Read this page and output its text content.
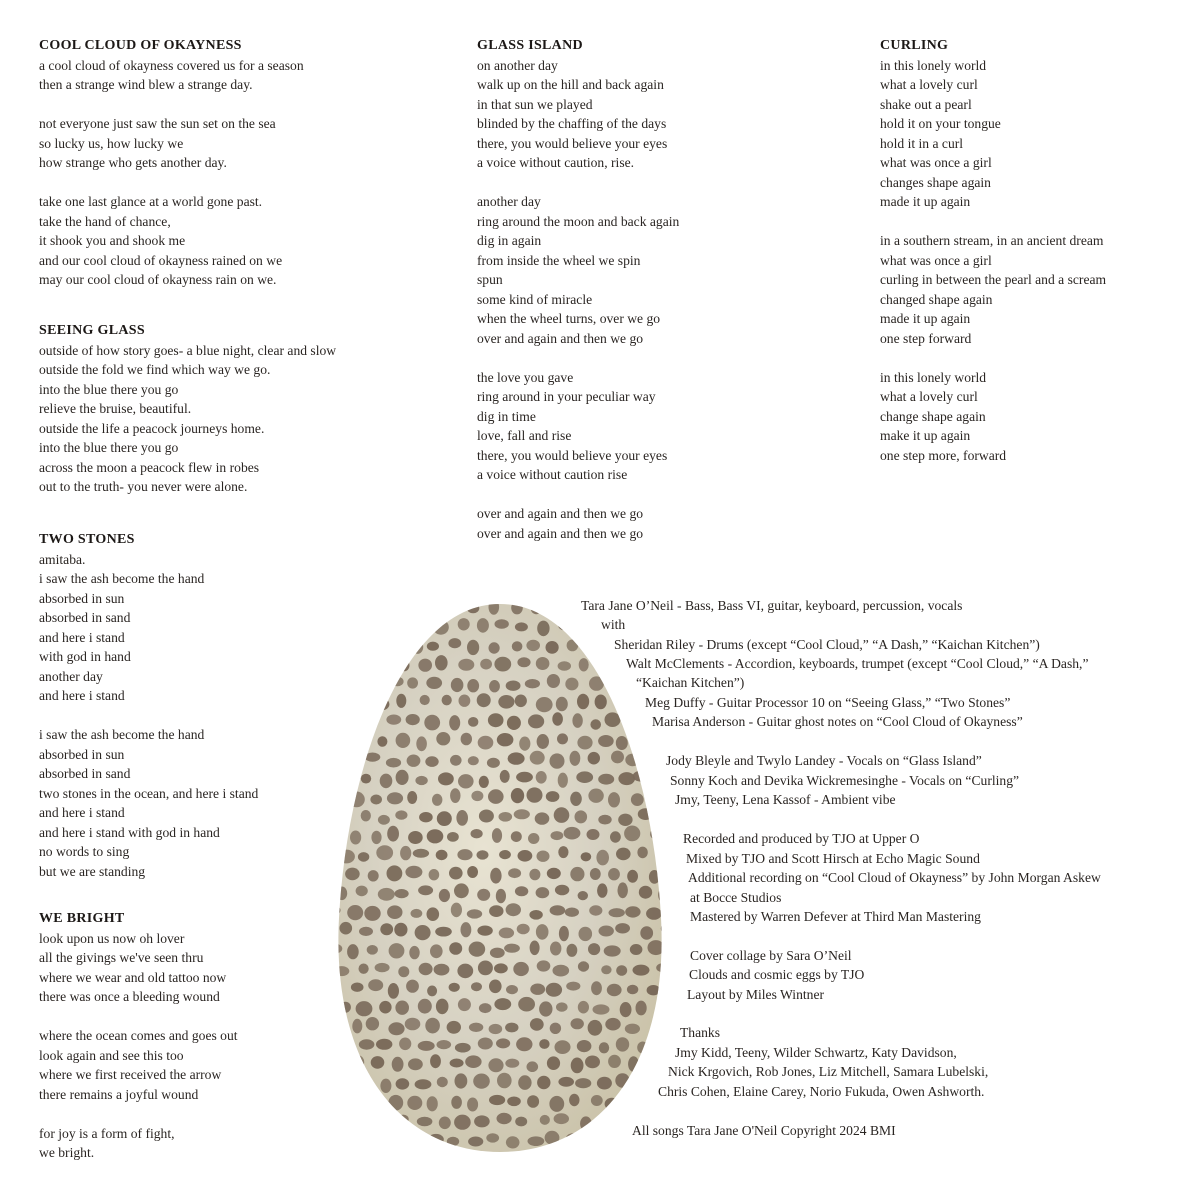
COOL CLOUD OF OKAYNESS
a cool cloud of okayness covered us for a season
then a strange wind blew a strange day.
not everyone just saw the sun set on the sea
so lucky us, how lucky we
how strange who gets another day.
take one last glance at a world gone past.
take the hand of chance,
it shook you and shook me
and our cool cloud of okayness rained on we
may our cool cloud of okayness rain on we.
SEEING GLASS
outside of how story goes- a blue night, clear and slow
outside the fold we find which way we go.
into the blue there you go
relieve the bruise, beautiful.
outside the life a peacock journeys home.
into the blue there you go
across the moon a peacock flew in robes
out to the truth- you never were alone.
TWO STONES
amitaba.
i saw the ash become the hand
absorbed in sun
absorbed in sand
and here i stand
with god in hand
another day
and here i stand
i saw the ash become the hand
absorbed in sun
absorbed in sand
two stones in the ocean, and here i stand
and here i stand
and here i stand with god in hand
no words to sing
but we are standing
WE BRIGHT
look upon us now oh lover
all the givings we've seen thru
where we wear and old tattoo now
there was once a bleeding wound
where the ocean comes and goes out
look again and see this too
where we first received the arrow
there remains a joyful wound
for joy is a form of fight,
we bright.
GLASS ISLAND
on another day
walk up on the hill and back again
in that sun we played
blinded by the chaffing of the days
there, you would believe your eyes
a voice without caution, rise.
another day
ring around the moon and back again
dig in again
from inside the wheel we spin
spun
some kind of miracle
when the wheel turns, over we go
over and again and then we go
the love you gave
ring around in your peculiar way
dig in time
love, fall and rise
there, you would believe your eyes
a voice without caution rise
over and again and then we go
over and again and then we go
CURLING
in this lonely world
what a lovely curl
shake out a pearl
hold it on your tongue
hold it in a curl
what was once a girl
changes shape again
made it up again
in a southern stream, in an ancient dream
what was once a girl
curling in between the pearl and a scream
changed shape again
made it up again
one step forward
in this lonely world
what a lovely curl
change shape again
make it up again
one step more, forward
Tara Jane O’Neil - Bass, Bass VI, guitar, keyboard, percussion, vocals
with
Sheridan Riley - Drums (except “Cool Cloud,” “A Dash,” “Kaichan Kitchen”)
Walt McClements - Accordion, keyboards, trumpet (except “Cool Cloud,” “A Dash,”
“Kaichan Kitchen”)
Meg Duffy - Guitar Processor 10 on “Seeing Glass,” “Two Stones”
Marisa Anderson - Guitar ghost notes on “Cool Cloud of Okayness”
Jody Bleyle and Twylo Landey - Vocals on “Glass Island”
Sonny Koch and Devika Wickremesinghe - Vocals on “Curling”
Jmy, Teeny, Lena Kassof - Ambient vibe
Recorded and produced by TJO at Upper O
Mixed by TJO and Scott Hirsch at Echo Magic Sound
Additional recording on “Cool Cloud of Okayness” by John Morgan Askew
at Bocce Studios
Mastered by Warren Defever at Third Man Mastering
Cover collage by Sara O’Neil
Clouds and cosmic eggs by TJO
Layout by Miles Wintner
Thanks
Jmy Kidd, Teeny, Wilder Schwartz, Katy Davidson,
Nick Krgovich, Rob Jones, Liz Mitchell, Samara Lubelski,
Chris Cohen, Elaine Carey, Norio Fukuda, Owen Ashworth.
All songs Tara Jane O'Neil Copyright 2024 BMI
